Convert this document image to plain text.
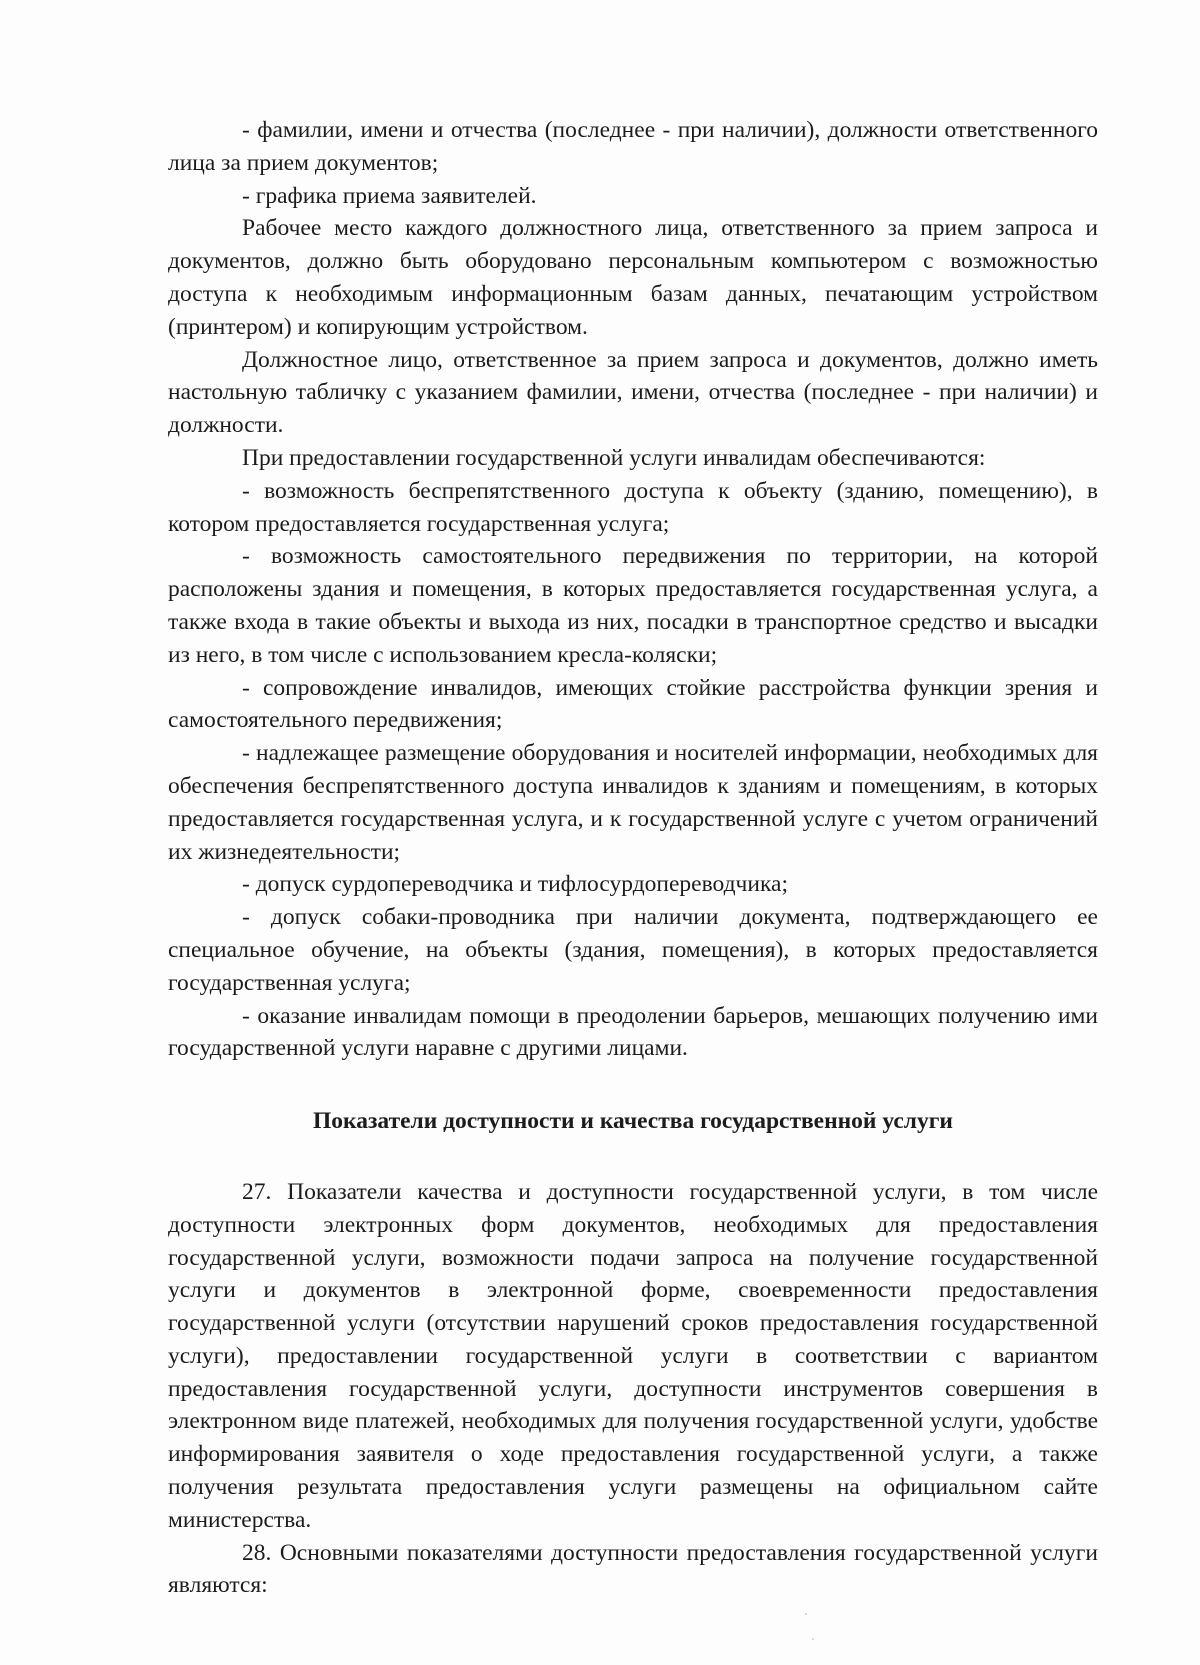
- фамилии, имени и отчества (последнее - при наличии), должности ответственного лица за прием документов;

- графика приема заявителей.

Рабочее место каждого должностного лица, ответственного за прием запроса и документов, должно быть оборудовано персональным компьютером с возможностью доступа к необходимым информационным базам данных, печатающим устройством (принтером) и копирующим устройством.

Должностное лицо, ответственное за прием запроса и документов, должно иметь настольную табличку с указанием фамилии, имени, отчества (последнее - при наличии) и должности.

При предоставлении государственной услуги инвалидам обеспечиваются:

- возможность беспрепятственного доступа к объекту (зданию, помещению), в котором предоставляется государственная услуга;

- возможность самостоятельного передвижения по территории, на которой расположены здания и помещения, в которых предоставляется государственная услуга, а также входа в такие объекты и выхода из них, посадки в транспортное средство и высадки из него, в том числе с использованием кресла-коляски;

- сопровождение инвалидов, имеющих стойкие расстройства функции зрения и самостоятельного передвижения;

- надлежащее размещение оборудования и носителей информации, необходимых для обеспечения беспрепятственного доступа инвалидов к зданиям и помещениям, в которых предоставляется государственная услуга, и к государственной услуге с учетом ограничений их жизнедеятельности;

- допуск сурдопереводчика и тифлосурдопереводчика;

- допуск собаки-проводника при наличии документа, подтверждающего ее специальное обучение, на объекты (здания, помещения), в которых предоставляется государственная услуга;

- оказание инвалидам помощи в преодолении барьеров, мешающих получению ими государственной услуги наравне с другими лицами.

Показатели доступности и качества государственной услуги

27. Показатели качества и доступности государственной услуги, в том числе доступности электронных форм документов, необходимых для предоставления государственной услуги, возможности подачи запроса на получение государственной услуги и документов в электронной форме, своевременности предоставления государственной услуги (отсутствии нарушений сроков предоставления государственной услуги), предоставлении государственной услуги в соответствии с вариантом предоставления государственной услуги, доступности инструментов совершения в электронном виде платежей, необходимых для получения государственной услуги, удобстве информирования заявителя о ходе предоставления государственной услуги, а также получения результата предоставления услуги размещены на официальном сайте министерства.

28. Основными показателями доступности предоставления государственной услуги являются:
